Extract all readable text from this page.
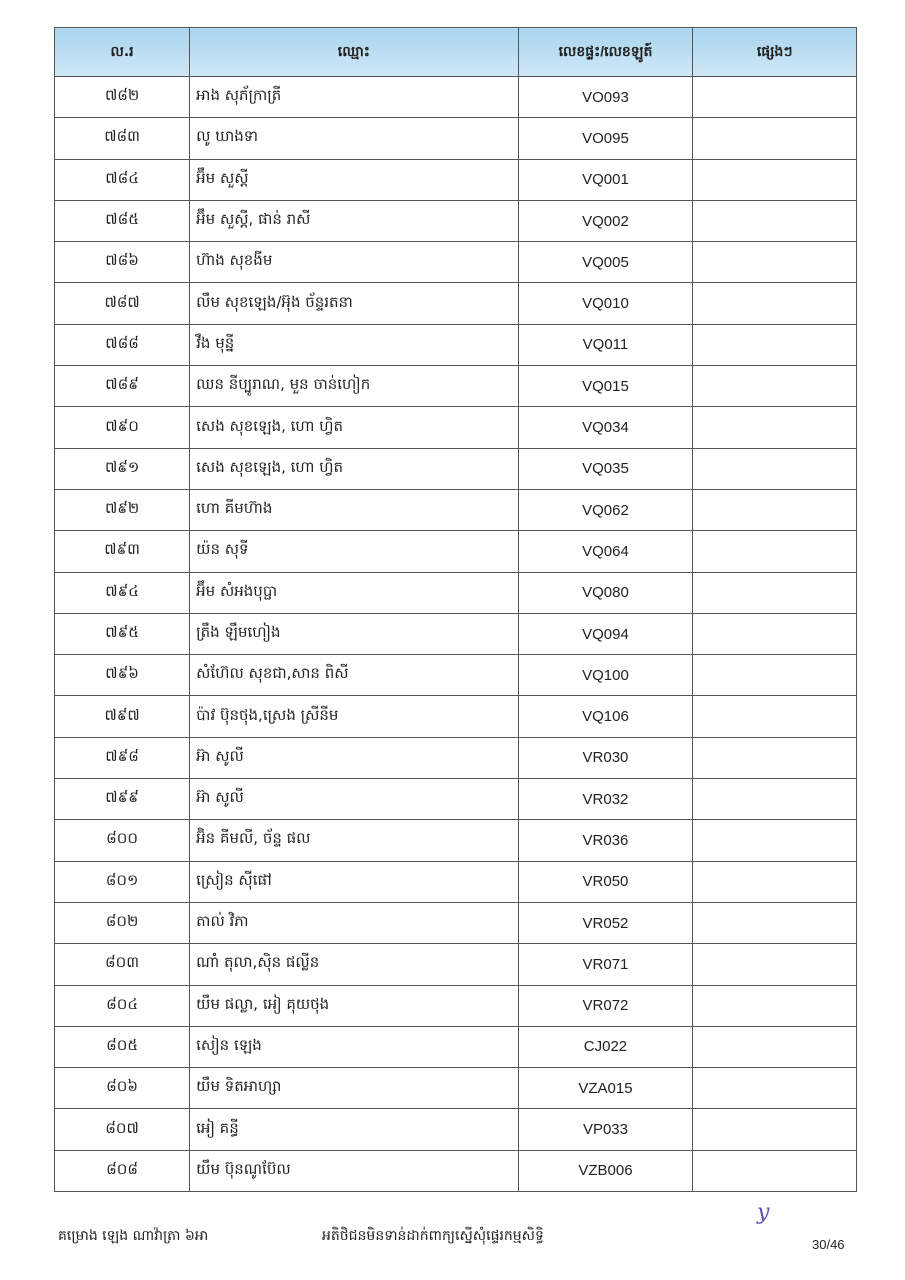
ល.រ	ឈ្មោះ	លេខផ្ទះ/លេខឡូត៍	ផ្សេងៗ
៧៨២	អាង សុភ័ក្រាត្រី	VO093	
៧៨៣	លូ ឃាងទា	VO095	
៧៨៤	អ៊ឹម សួស្តី	VQ001	
៧៨៥	អ៊ឹម សួស្តី, ផាន់ រាសី	VQ002	
៧៨៦	ហ៊ាង សុខងីម	VQ005	
៧៨៧	លឹម សុខឡេង/អ៊ុង ច័ន្ទរតនា	VQ010	
៧៨៨	វឹង មុន្នី	VQ011	
៧៨៩	ឈន នីប្បូរាណ, មួន ចាន់ហៀក	VQ015	
៧៩០	សេង សុខឡេង, ហោ ហ្វិត	VQ034	
៧៩១	សេង សុខឡេង, ហោ ហ្វិត	VQ035	
៧៩២	ហោ គីមហ៊ាង	VQ062	
៧៩៣	យ៉ន សុទី	VQ064	
៧៩៤	អ៊ឹម សំអងបុប្ផា	VQ080	
៧៩៥	ត្រឹង ឡឹមហៀង	VQ094	
៧៩៦	សំហ៊ែល សុខជា,សាន ពិសី	VQ100	
៧៩៧	ប៉ាវ ប៊ុនថុង,ស្រេង ស្រីនីម	VQ106	
៧៩៨	អ៊ា សូលី	VR030	
៧៩៩	អ៊ា សូលី	VR032	
៨០០	អ៊ិន គីមលី, ច័ន្ទ ផល	VR036	
៨០១	ស្រៀន ស៊ីផៅ	VR050	
៨០២	តាល់ វិភា	VR052	
៨០៣	ណាំ តុលា,ស៊ិន ផល្លីន	VR071	
៨០៤	យឹម ផល្លា, អៀ គុយថុង	VR072	
៨០៥	សៀន ឡេង	CJ022	
៨០៦	យឹម ទិតអាហ្សា	VZA015	
៨០៧	អៀ គន្ធី	VP033	
៨០៨	យឹម ប៊ុនណូប៊ែល	VZB006	
គម្រោង ឡេង ណាវ៉ាត្រា ៦អា	អតិថិជនមិនទាន់ដាក់ពាក្យស្នើសុំផ្ទេរកម្មសិទ្ធិ
30/46
y
